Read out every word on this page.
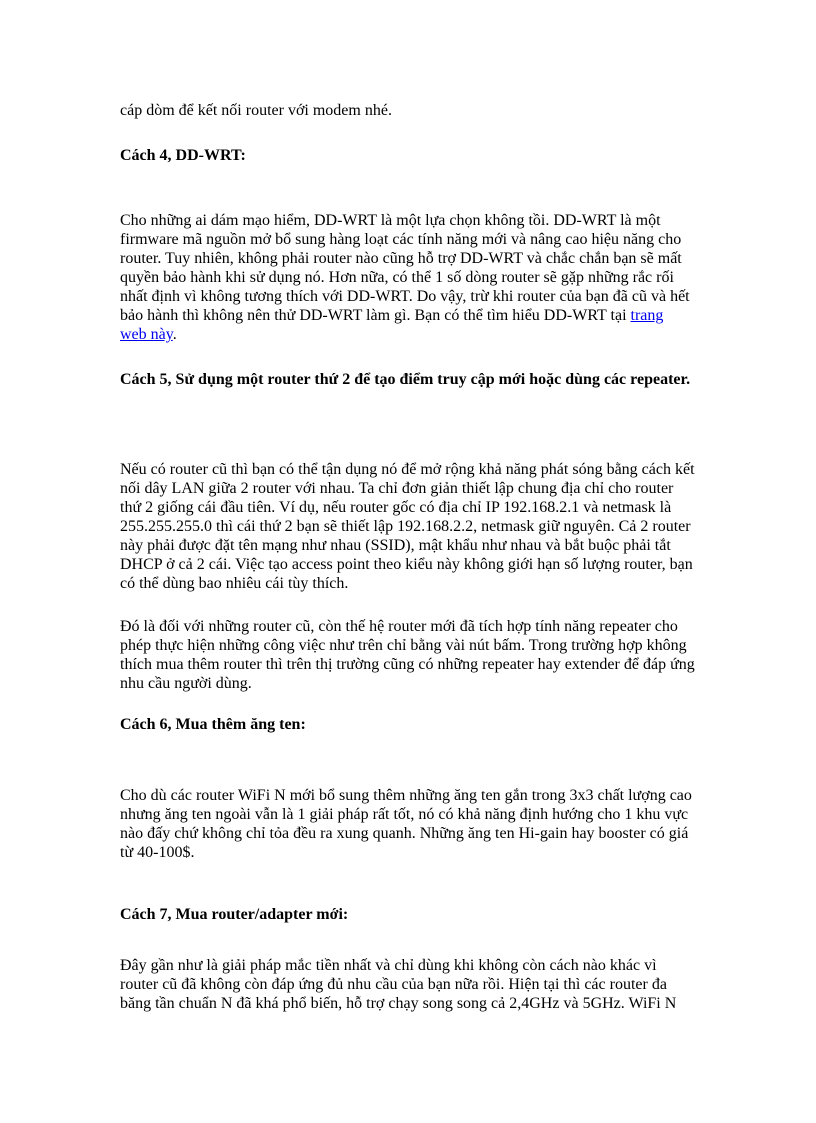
cáp dòm để kết nối router với modem nhé.

Cách 4, DD-WRT:

Cho những ai dám mạo hiểm, DD-WRT là một lựa chọn không tồi. DD-WRT là một
firmware mã nguồn mở bổ sung hàng loạt các tính năng mới và nâng cao hiệu năng cho
router. Tuy nhiên, không phải router nào cũng hỗ trợ DD-WRT và chắc chắn bạn sẽ mất
quyền bảo hành khi sử dụng nó. Hơn nữa, có thể 1 số dòng router sẽ gặp những rắc rối
nhất định vì không tương thích với DD-WRT. Do vậy, trừ khi router của bạn đã cũ và hết
bảo hành thì không nên thử DD-WRT làm gì. Bạn có thể tìm hiểu DD-WRT tại trang
web này.

Cách 5, Sử dụng một router thứ 2 để tạo điểm truy cập mới hoặc dùng các repeater.

Nếu có router cũ thì bạn có thể tận dụng nó để mở rộng khả năng phát sóng bằng cách kết
nối dây LAN giữa 2 router với nhau. Ta chỉ đơn giản thiết lập chung địa chỉ cho router
thứ 2 giống cái đầu tiên. Ví dụ, nếu router gốc có địa chỉ IP 192.168.2.1 và netmask là
255.255.255.0 thì cái thứ 2 bạn sẽ thiết lập 192.168.2.2, netmask giữ nguyên. Cả 2 router
này phải được đặt tên mạng như nhau (SSID), mật khẩu như nhau và bắt buộc phải tắt
DHCP ở cả 2 cái. Việc tạo access point theo kiểu này không giới hạn số lượng router, bạn
có thể dùng bao nhiêu cái tùy thích.
Đó là đối với những router cũ, còn thế hệ router mới đã tích hợp tính năng repeater cho
phép thực hiện những công việc như trên chỉ bằng vài nút bấm. Trong trường hợp không
thích mua thêm router thì trên thị trường cũng có những repeater hay extender để đáp ứng
nhu cầu người dùng.

Cách 6, Mua thêm ăng ten:

Cho dù các router WiFi N mới bổ sung thêm những ăng ten gắn trong 3x3 chất lượng cao
nhưng ăng ten ngoài vẫn là 1 giải pháp rất tốt, nó có khả năng định hướng cho 1 khu vực
nào đấy chứ không chỉ tỏa đều ra xung quanh. Những ăng ten Hi-gain hay booster có giá
từ 40-100$.

Cách 7, Mua router/adapter mới:

Đây gần như là giải pháp mắc tiền nhất và chỉ dùng khi không còn cách nào khác vì
router cũ đã không còn đáp ứng đủ nhu cầu của bạn nữa rồi. Hiện tại thì các router đa
băng tần chuẩn N đã khá phổ biến, hỗ trợ chạy song song cả 2,4GHz và 5GHz. WiFi N
